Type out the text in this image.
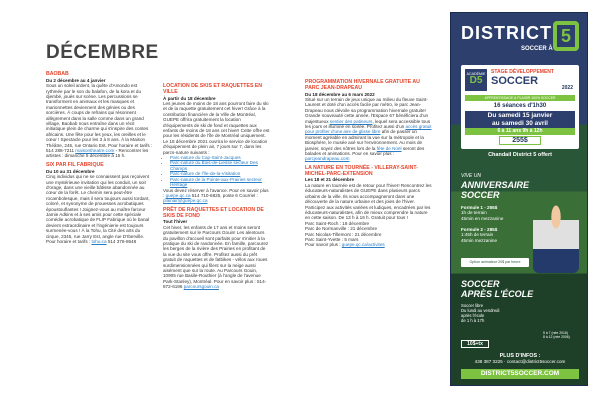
DÉCEMBRE
BAOBAB
Du 2 décembre au 4 janvier
Sous un soleil ardent, la quête d'Amondo est rythmée par le son du balafon, de la kora et du djembé, joués sur scène. Les percussions se transforment en animaux et les masques et marionnettes deviennent des génies ou des sorcières. À coups de refrains qui résonnent allègrement dans la salle comme dans un grand village, Baobab nous entraîne dans un récit initiatique plein de charme qui s'inspire des contes africains. Une fête pour les yeux, les oreilles et le cœur ! Spectacle pour les 3 à 8 ans. À la Maison Théâtre, 245, rue Ontario Est. Pour horaire et tarifs : 514 288-7211 maisontheatre.com - Rencontrer les artistes : dimanche 5 décembre à 15 h.
SIX PAR FIL FABRIQUE
Du 10 au 31 décembre
Cinq individus qui ne se connaissent pas reçoivent une mystérieuse invitation qui les conduit, un soir d'orage, dans une vieille bâtisse abandonnée au cœur de la forêt. Le chemin sera peut-être rocambolesque, mais il sera toujours aussi tordant, coloré, et synonyme de prouesses acrobatiques époustouflantes ! Joignez-vous au maître farceur Jamie Adkins et à ses amis pour cette spéciale comédie acrobatique de FLIP Fabrique où le banal devient extraordinaire et l'ingénierie est toujours surmenée-vous ! À la Tohu, la Cité des arts du cirque, 2345, rue Jarry Est, angle rue D'Iberville. Pour horaire et tarifs : tohu.ca 514 376-8648
LOCATION DE SKIS ET RAQUETTES EN VILLE
À partir du 18 décembre
Les jeunes de moins de 18 ans pourront faire du ski et de la raquette gratuitement cet hiver! Grâce à la contribution financière de la Ville de Montréal, GUEPE offrira gratuitement la location d'équipements de ski de fond et raquettes aux enfants de moins de 18 ans cet hiver! Cette offre est pour les résidents de l'île de Montréal uniquement. Le 18 décembre 2021 ouvrira le service de location d'équipement de plein air, 7 jours sur 7, dans les parcs-nature suivants :
• Parc-nature du Cap-Saint-Jacques
• Parc-nature du Bois-de-Liesse secteur Des Champs
• Parc-nature de l'Île-de-la-Visitation
• Parc-nature de la Pointe-aux-Prairies secteur Héritage
Vous devez réserver à l'avance. Pour en savoir plus : guepe.qc.ca 514 710-6825, poste 6 Courriel : plainair@guepe.qc.ca
PRÊT DE RAQUETTES ET LOCATION DE SKIS DE FOND
Tout l'hiver
Cet hiver, les enfants de 17 ans et moins seront gratuitement sur le Parcours Gouin! Les alentours du pavillon d'accueil sont parfaits pour s'initier à la pratique du ski de randonnée. En famille, parcourez les berges de la rivière des Prairies en profitant de la vue du site vous offre. Profitez aussi du prêt gratuit de raquettes et de fatbikes - vélos aux roues surdimensionnées qui filent sur la neige aussi aisément que sur la route. Au Parcours Gouin, 10905 rue Basile-Routhier (à l'angle de l'avenue Park-Stanley), Montréal. Pour en savoir plus : 514-872-6196 parcoursgouin.ca
PROGRAMMATION HIVERNALE GRATUITE AU PARC JEAN-DRAPEAU
Du 18 décembre au 6 mars 2022
Situé sur un terrain de jeux unique au milieu du fleuve Saint-Laurent et doté d'un accès facile par métro, le parc Jean-Drapeau nous dévoile sa programmation hivernale gratuite! Grande nouveauté cette année, l'Espace 67 bénéficiera d'un majestueux sentier des patineurs, lequel sera accessible tous les jours et illuminé en soirée. Profitez aussi d'un accès gratuit pour profiter d'une aire de glisse libre afin de passer un moment agréable en admirant la vue sur la métropole et la Biosphère, le musée axé sur l'environnement. Au mois de janvier, soyez des nôtres lors de la fête de Noël seront des balades et animations. Pour en savoir plus : parcjeandrapeau.com
LA NATURE EN TOURNÉE - VILLERAY-SAINT-MICHEL-PARC-EXTENSION
Les 18 et 21 décembre
La nature en tournée est de retour pour l'hiver! Rencontrez les éducateurs-naturalistes de GUEPE dans plusieurs parcs urbains de la ville. Ils vous accompagneront dans une découverte de la nature urbaine et des joies de l'hiver. Participez aux activités variées et ludiques, encadrées par les éducateurs-naturalistes, afin de mieux comprendre la nature en cette saison. De 13 h à 16 h. Gratuit pour tous !
Parc Saint-Roch : 18 décembre
Parc de Normanville : 21 décembre
Parc Nicolas-Tillemont : 21 décembre
Parc Saint-Yvette : 5 mars
Pour savoir plus : guepe.qc.ca/activites
DISTRICT
SOCCER À
5
ACADÉMIE
D5
STAGE DÉVELOPPEMENT
SOCCER
2022
APPRENTISSAGE & PLAISIR 100% SOCCER
16 séances d'1h30
Du samedi 15 janvier
au samedi 30 avril
6 à 11 ans 9h à 12h
255$
Chandail District 5 offert
VIVE UN
ANNIVERSAIRE
SOCCER
Formule 1 - 255$
1h de terrain
45min en mezzanine
Formule 2 - 285$
1:45h de terrain
45min mezzanine
Option animateur 20$ par heure
SOCCER
APRÈS L'ÉCOLE
Soccer libre
Du lundi au vendredi
après l'école
de 1 h à 17h
10$+tx
5 à 7 (née 2016)
8 à 12 (née 2006)
PLUS D'INFOS :
438 387 3225 · contact@district5soccer.com
DISTRICT5SOCCER.COM
